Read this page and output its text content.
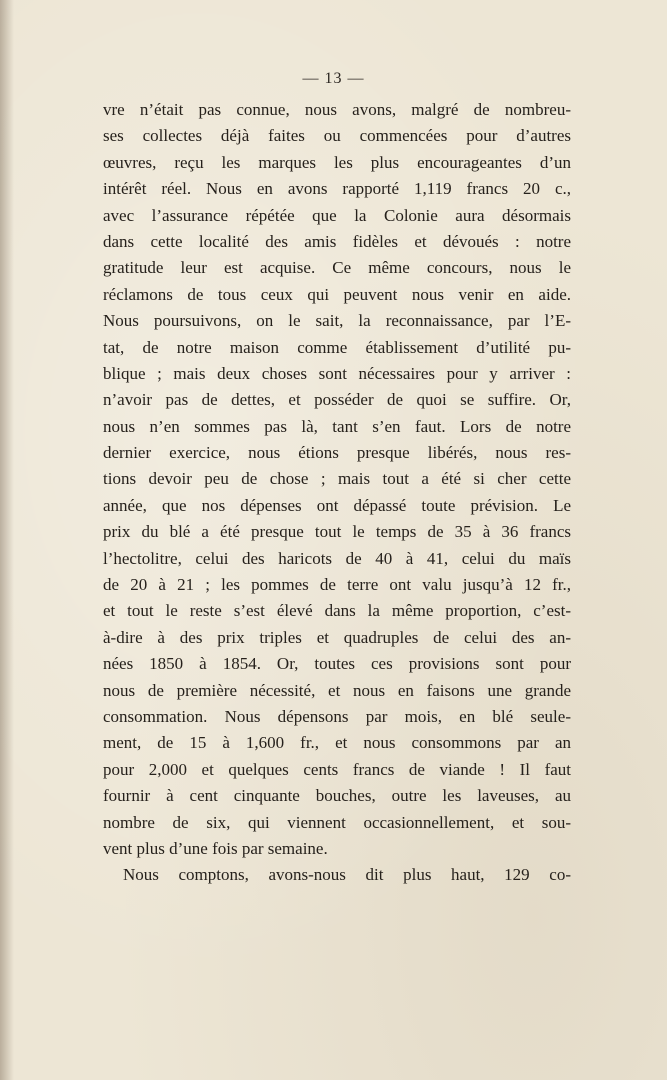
— 13 —
vre n’était pas connue, nous avons, malgré de nombreu-
ses collectes déjà faites ou commencées pour d’autres
œuvres, reçu les marques les plus encourageantes d’un
intérêt réel. Nous en avons rapporté 1,119 francs 20 c.,
avec l’assurance répétée que la Colonie aura désormais
dans cette localité des amis fidèles et dévoués : notre
gratitude leur est acquise. Ce même concours, nous le
réclamons de tous ceux qui peuvent nous venir en aide.
Nous poursuivons, on le sait, la reconnaissance, par l’E-
tat, de notre maison comme établissement d’utilité pu-
blique ; mais deux choses sont nécessaires pour y arriver :
n’avoir pas de dettes, et posséder de quoi se suffire. Or,
nous n’en sommes pas là, tant s’en faut. Lors de notre
dernier exercice, nous étions presque libérés, nous res-
tions devoir peu de chose ; mais tout a été si cher cette
année, que nos dépenses ont dépassé toute prévision. Le
prix du blé a été presque tout le temps de 35 à 36 francs
l’hectolitre, celui des haricots de 40 à 41, celui du maïs
de 20 à 21 ; les pommes de terre ont valu jusqu’à 12 fr.,
et tout le reste s’est élevé dans la même proportion, c’est-
à-dire à des prix triples et quadruples de celui des an-
nées 1850 à 1854. Or, toutes ces provisions sont pour
nous de première nécessité, et nous en faisons une grande
consommation. Nous dépensons par mois, en blé seule-
ment, de 15 à 1,600 fr., et nous consommons par an
pour 2,000 et quelques cents francs de viande ! Il faut
fournir à cent cinquante bouches, outre les laveuses, au
nombre de six, qui viennent occasionnellement, et sou-
vent plus d’une fois par semaine.
Nous comptons, avons-nous dit plus haut, 129 co-
